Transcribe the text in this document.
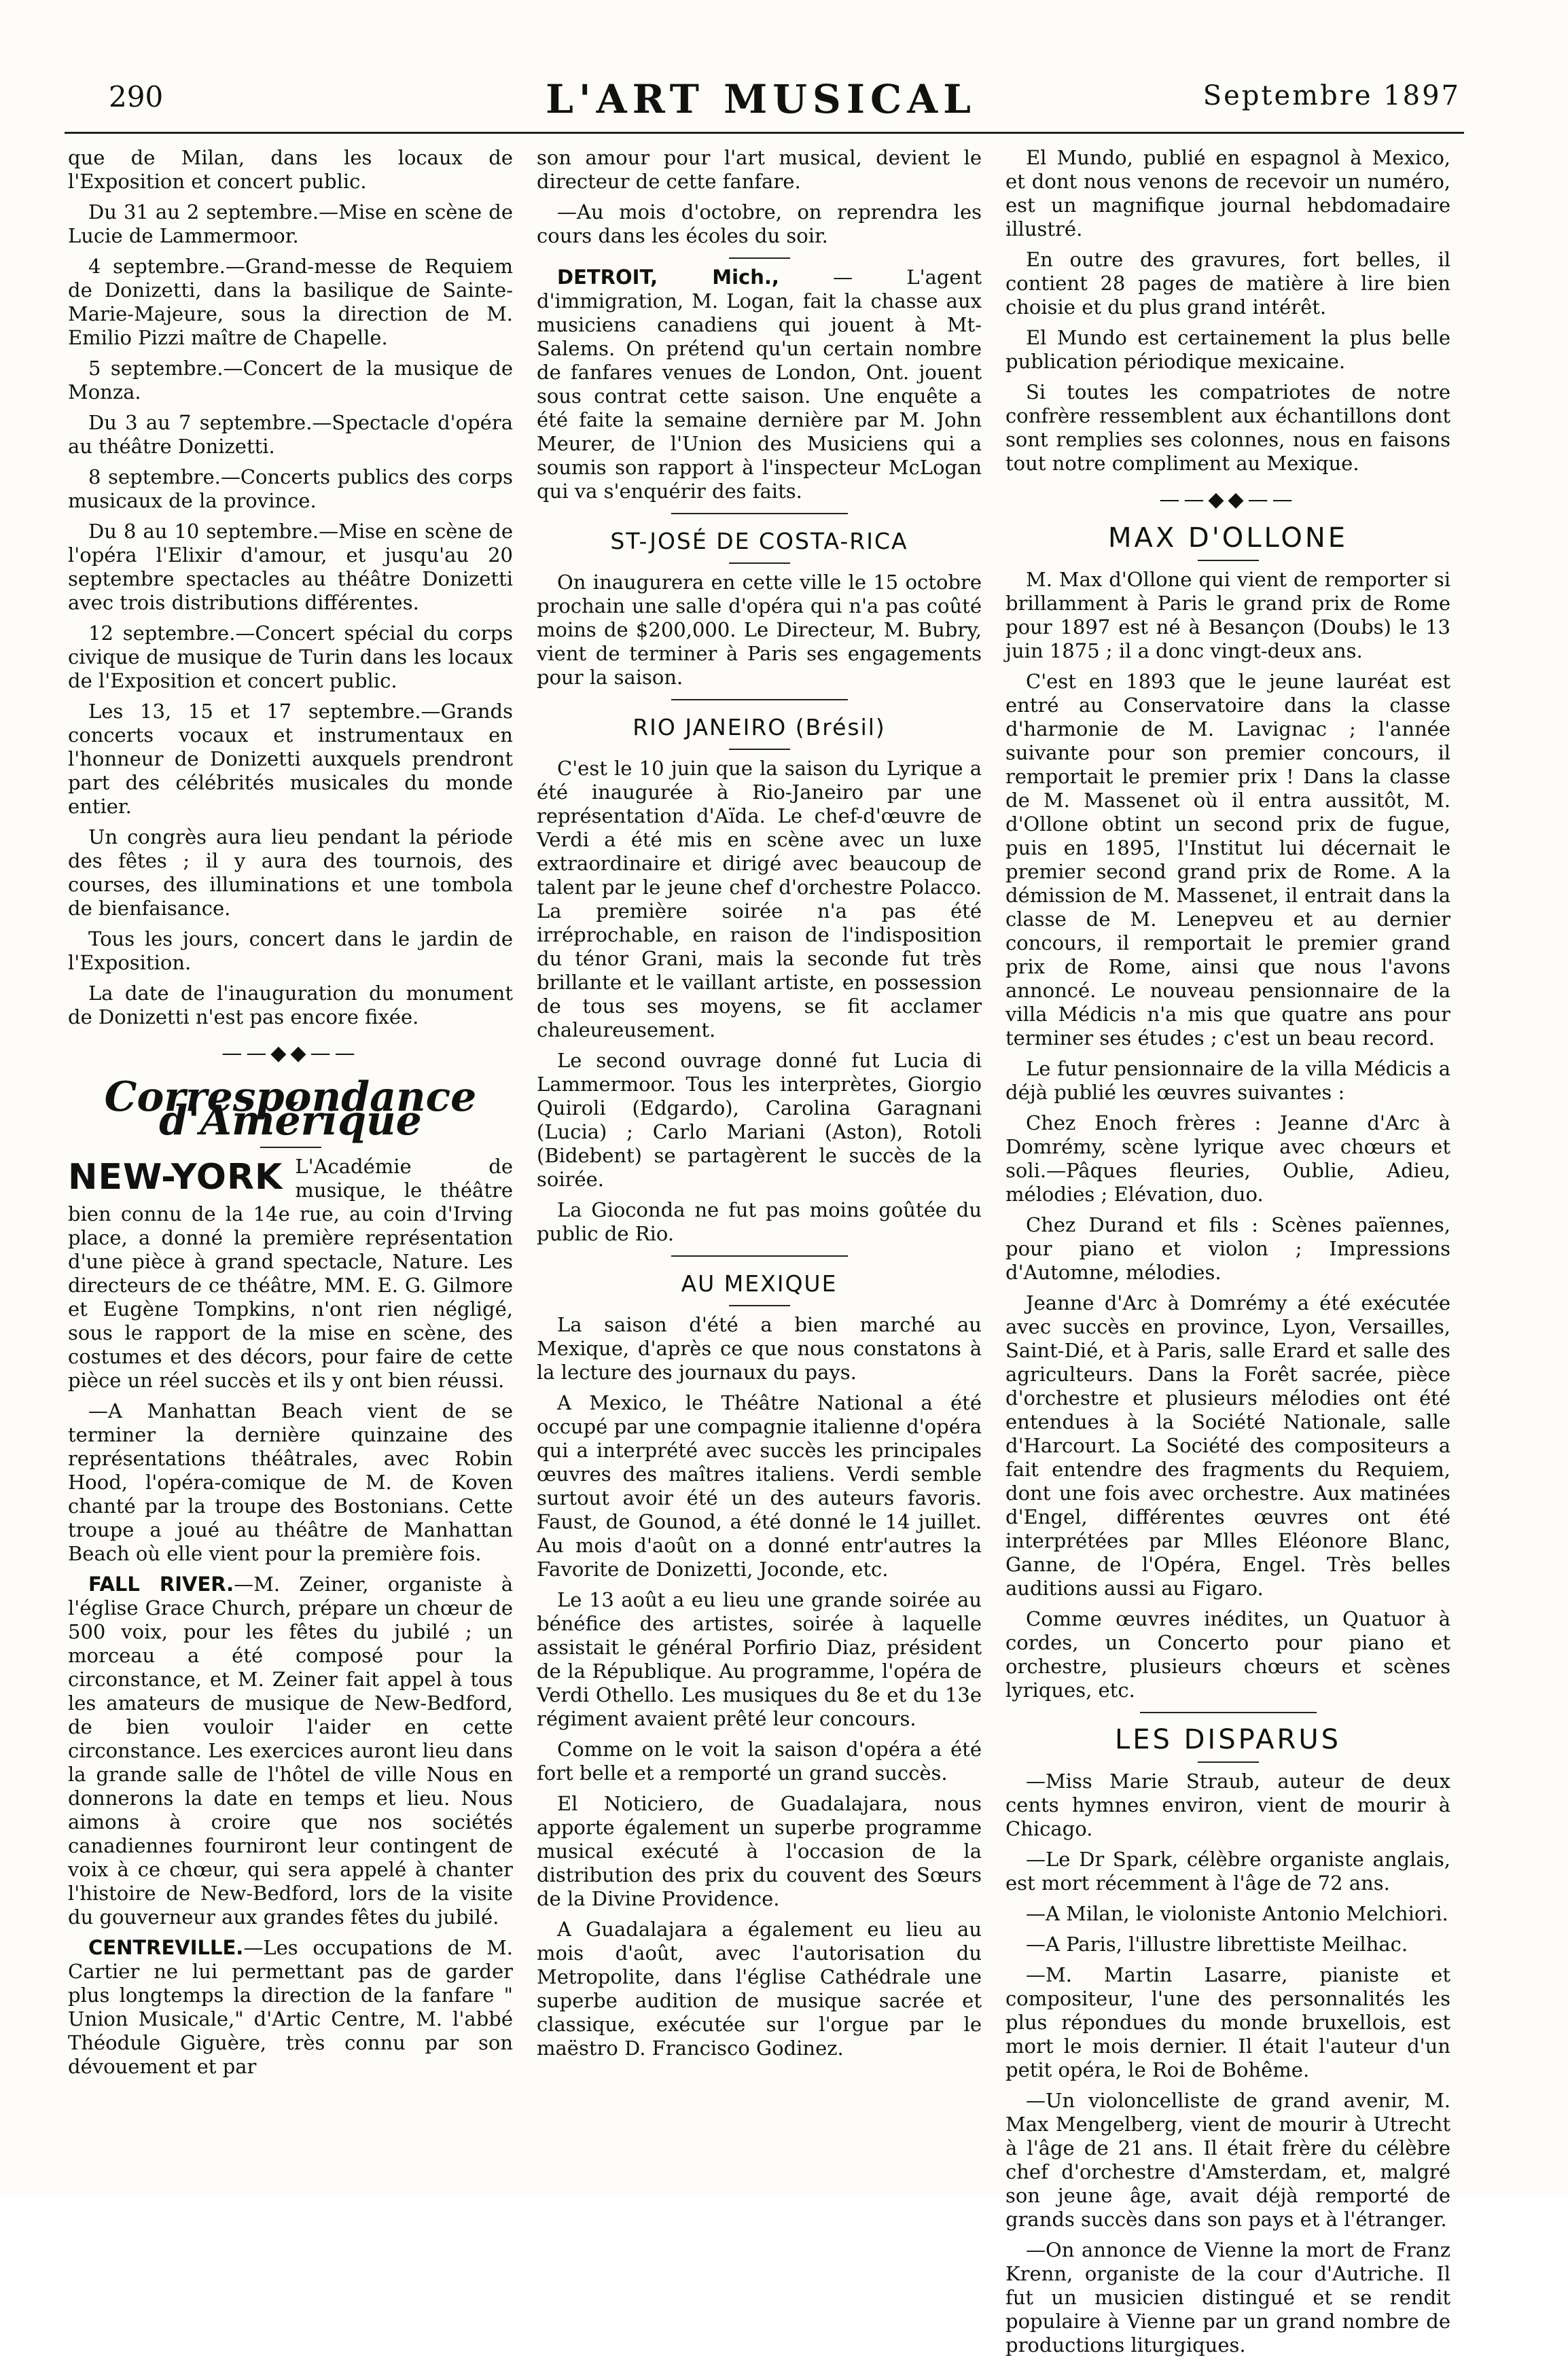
290	L'ART MUSICAL	Septembre 1897

que de Milan, dans les locaux de l'Exposition et concert public.

Du 31 au 2 septembre.—Mise en scène de Lucie de Lammermoor.

4 septembre.—Grand-messe de Requiem de Donizetti, dans la basilique de Sainte-Marie-Majeure, sous la direction de M. Emilio Pizzi maître de Chapelle.

5 septembre.—Concert de la musique de Monza.

Du 3 au 7 septembre.—Spectacle d'opéra au théâtre Donizetti.

8 septembre.—Concerts publics des corps musicaux de la province.

Du 8 au 10 septembre.—Mise en scène de l'opéra l'Elixir d'amour, et jusqu'au 20 septembre spectacles au théâtre Donizetti avec trois distributions différentes.

12 septembre.—Concert spécial du corps civique de musique de Turin dans les locaux de l'Exposition et concert public.

Les 13, 15 et 17 septembre.—Grands concerts vocaux et instrumentaux en l'honneur de Donizetti auxquels prendront part des célébrités musicales du monde entier.

Un congrès aura lieu pendant la période des fêtes ; il y aura des tournois, des courses, des illuminations et une tombola de bienfaisance.

Tous les jours, concert dans le jardin de l'Exposition.

La date de l'inauguration du monument de Donizetti n'est pas encore fixée.

——◆◆——
Correspondance d'Amérique

NEW-YORK L'Académie de musique, le théâtre bien connu de la 14e rue, au coin d'Irving place, a donné la première représentation d'une pièce à grand spectacle, Nature. Les directeurs de ce théâtre, MM. E. G. Gilmore et Eugène Tompkins, n'ont rien négligé, sous le rapport de la mise en scène, des costumes et des décors, pour faire de cette pièce un réel succès et ils y ont bien réussi.

—A Manhattan Beach vient de se terminer la dernière quinzaine des représentations théâtrales, avec Robin Hood, l'opéra-comique de M. de Koven chanté par la troupe des Bostonians. Cette troupe a joué au théâtre de Manhattan Beach où elle vient pour la première fois.

FALL RIVER.—M. Zeiner, organiste à l'église Grace Church, prépare un chœur de 500 voix, pour les fêtes du jubilé ; un morceau a été composé pour la circonstance, et M. Zeiner fait appel à tous les amateurs de musique de New-Bedford, de bien vouloir l'aider en cette circonstance. Les exercices auront lieu dans la grande salle de l'hôtel de ville Nous en donnerons la date en temps et lieu. Nous aimons à croire que nos sociétés canadiennes fourniront leur contingent de voix à ce chœur, qui sera appelé à chanter l'histoire de New-Bedford, lors de la visite du gouverneur aux grandes fêtes du jubilé.

CENTREVILLE.—Les occupations de M. Cartier ne lui permettant pas de garder plus longtemps la direction de la fanfare " Union Musicale," d'Artic Centre, M. l'abbé Théodule Giguère, très connu par son dévouement et par

son amour pour l'art musical, devient le directeur de cette fanfare.

—Au mois d'octobre, on reprendra les cours dans les écoles du soir.

DETROIT, Mich., — L'agent d'immigration, M. Logan, fait la chasse aux musiciens canadiens qui jouent à Mt-Salems. On prétend qu'un certain nombre de fanfares venues de London, Ont. jouent sous contrat cette saison. Une enquête a été faite la semaine dernière par M. John Meurer, de l'Union des Musiciens qui a soumis son rapport à l'inspecteur McLogan qui va s'enquérir des faits.

ST-JOSÉ DE COSTA-RICA

On inaugurera en cette ville le 15 octobre prochain une salle d'opéra qui n'a pas coûté moins de $200,000. Le Directeur, M. Bubry, vient de terminer à Paris ses engagements pour la saison.

RIO JANEIRO (Brésil)

C'est le 10 juin que la saison du Lyrique a été inaugurée à Rio-Janeiro par une représentation d'Aïda. Le chef-d'œuvre de Verdi a été mis en scène avec un luxe extraordinaire et dirigé avec beaucoup de talent par le jeune chef d'orchestre Polacco. La première soirée n'a pas été irréprochable, en raison de l'indisposition du ténor Grani, mais la seconde fut très brillante et le vaillant artiste, en possession de tous ses moyens, se fit acclamer chaleureusement.

Le second ouvrage donné fut Lucia di Lammermoor. Tous les interprètes, Giorgio Quiroli (Edgardo), Carolina Garagnani (Lucia) ; Carlo Mariani (Aston), Rotoli (Bidebent) se partagèrent le succès de la soirée.

La Gioconda ne fut pas moins goûtée du public de Rio.

AU MEXIQUE

La saison d'été a bien marché au Mexique, d'après ce que nous constatons à la lecture des journaux du pays.

A Mexico, le Théâtre National a été occupé par une compagnie italienne d'opéra qui a interprété avec succès les principales œuvres des maîtres italiens. Verdi semble surtout avoir été un des auteurs favoris. Faust, de Gounod, a été donné le 14 juillet. Au mois d'août on a donné entr'autres la Favorite de Donizetti, Joconde, etc.

Le 13 août a eu lieu une grande soirée au bénéfice des artistes, soirée à laquelle assistait le général Porfirio Diaz, président de la République. Au programme, l'opéra de Verdi Othello. Les musiques du 8e et du 13e régiment avaient prêté leur concours.

Comme on le voit la saison d'opéra a été fort belle et a remporté un grand succès.

El Noticiero, de Guadalajara, nous apporte également un superbe programme musical exécuté à l'occasion de la distribution des prix du couvent des Sœurs de la Divine Providence.

A Guadalajara a également eu lieu au mois d'août, avec l'autorisation du Metropolite, dans l'église Cathédrale une superbe audition de musique sacrée et classique, exécutée sur l'orgue par le maëstro D. Francisco Godinez.

El Mundo, publié en espagnol à Mexico, et dont nous venons de recevoir un numéro, est un magnifique journal hebdomadaire illustré.

En outre des gravures, fort belles, il contient 28 pages de matière à lire bien choisie et du plus grand intérêt.

El Mundo est certainement la plus belle publication périodique mexicaine.

Si toutes les compatriotes de notre confrère ressemblent aux échantillons dont sont remplies ses colonnes, nous en faisons tout notre compliment au Mexique.

——◆◆——
MAX D'OLLONE

M. Max d'Ollone qui vient de remporter si brillamment à Paris le grand prix de Rome pour 1897 est né à Besançon (Doubs) le 13 juin 1875 ; il a donc vingt-deux ans.

C'est en 1893 que le jeune lauréat est entré au Conservatoire dans la classe d'harmonie de M. Lavignac ; l'année suivante pour son premier concours, il remportait le premier prix ! Dans la classe de M. Massenet où il entra aussitôt, M. d'Ollone obtint un second prix de fugue, puis en 1895, l'Institut lui décernait le premier second grand prix de Rome. A la démission de M. Massenet, il entrait dans la classe de M. Lenepveu et au dernier concours, il remportait le premier grand prix de Rome, ainsi que nous l'avons annoncé. Le nouveau pensionnaire de la villa Médicis n'a mis que quatre ans pour terminer ses études ; c'est un beau record.

Le futur pensionnaire de la villa Médicis a déjà publié les œuvres suivantes :

Chez Enoch frères : Jeanne d'Arc à Domrémy, scène lyrique avec chœurs et soli.—Pâques fleuries, Oublie, Adieu, mélodies ; Elévation, duo.

Chez Durand et fils : Scènes païennes, pour piano et violon ; Impressions d'Automne, mélodies.

Jeanne d'Arc à Domrémy a été exécutée avec succès en province, Lyon, Versailles, Saint-Dié, et à Paris, salle Erard et salle des agriculteurs. Dans la Forêt sacrée, pièce d'orchestre et plusieurs mélodies ont été entendues à la Société Nationale, salle d'Harcourt. La Société des compositeurs a fait entendre des fragments du Requiem, dont une fois avec orchestre. Aux matinées d'Engel, différentes œuvres ont été interprétées par Mlles Eléonore Blanc, Ganne, de l'Opéra, Engel. Très belles auditions aussi au Figaro.

Comme œuvres inédites, un Quatuor à cordes, un Concerto pour piano et orchestre, plusieurs chœurs et scènes lyriques, etc.

LES DISPARUS

—Miss Marie Straub, auteur de deux cents hymnes environ, vient de mourir à Chicago.

—Le Dr Spark, célèbre organiste anglais, est mort récemment à l'âge de 72 ans.

—A Milan, le violoniste Antonio Melchiori.

—A Paris, l'illustre librettiste Meilhac.

—M. Martin Lasarre, pianiste et compositeur, l'une des personnalités les plus répondues du monde bruxellois, est mort le mois dernier. Il était l'auteur d'un petit opéra, le Roi de Bohême.

—Un violoncelliste de grand avenir, M. Max Mengelberg, vient de mourir à Utrecht à l'âge de 21 ans. Il était frère du célèbre chef d'orchestre d'Amsterdam, et, malgré son jeune âge, avait déjà remporté de grands succès dans son pays et à l'étranger.

—On annonce de Vienne la mort de Franz Krenn, organiste de la cour d'Autriche. Il fut un musicien distingué et se rendit populaire à Vienne par un grand nombre de productions liturgiques.
